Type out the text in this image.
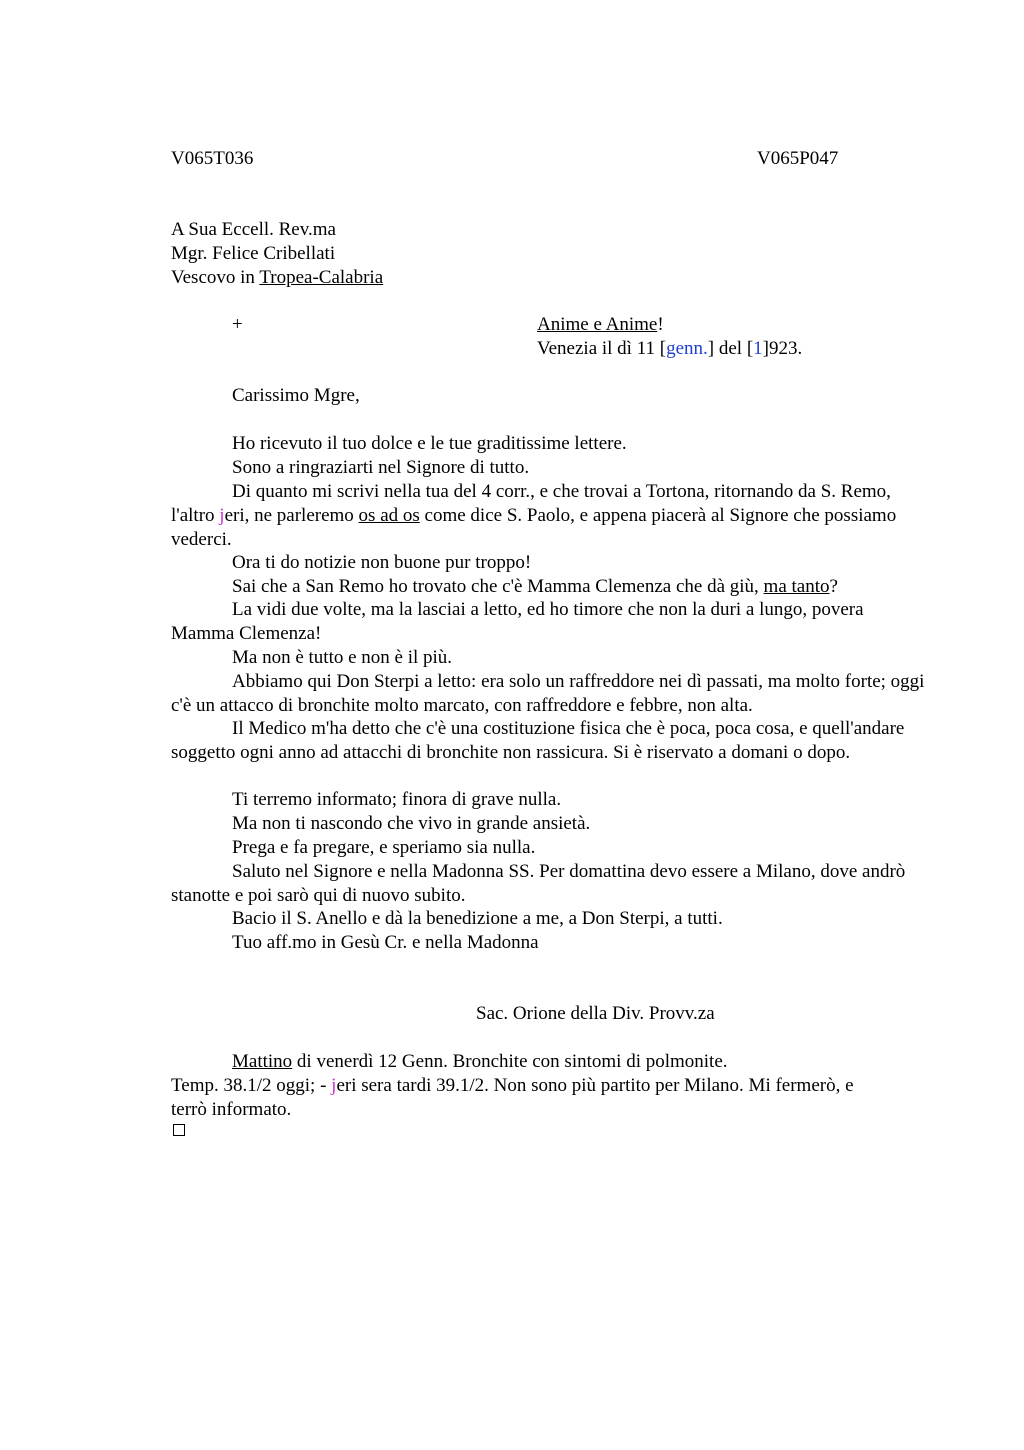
V065T036	V065P047
A Sua Eccell. Rev.ma
Mgr. Felice Cribellati
Vescovo in Tropea-Calabria
+	Anime e Anime!
Venezia il dì 11 [genn.] del [1]923.
Carissimo Mgre,
Ho ricevuto il tuo dolce e le tue graditissime lettere.
Sono a ringraziarti nel Signore di tutto.
Di quanto mi scrivi nella tua del 4 corr., e che trovai a Tortona, ritornando da S. Remo, l'altro jeri, ne parleremo os ad os come dice S. Paolo, e appena piacerà al Signore che possiamo vederci.
Ora ti do notizie non buone pur troppo!
Sai che a San Remo ho trovato che c'è Mamma Clemenza che dà giù, ma tanto?
La vidi due volte, ma la lasciai a letto, ed ho timore che non la duri a lungo, povera Mamma Clemenza!
Ma non è tutto e non è il più.
Abbiamo qui Don Sterpi a letto: era solo un raffreddore nei dì passati, ma molto forte; oggi c'è un attacco di bronchite molto marcato, con raffreddore e febbre, non alta.
Il Medico m'ha detto che c'è una costituzione fisica che è poca, poca cosa, e quell'andare soggetto ogni anno ad attacchi di bronchite non rassicura. Si è riservato a domani o dopo.
Ti terremo informato; finora di grave nulla.
Ma non ti nascondo che vivo in grande ansietà.
Prega e fa pregare, e speriamo sia nulla.
Saluto nel Signore e nella Madonna SS. Per domattina devo essere a Milano, dove andrò stanotte e poi sarò qui di nuovo subito.
Bacio il S. Anello e dà la benedizione a me, a Don Sterpi, a tutti.
Tuo aff.mo in Gesù Cr. e nella Madonna
Sac. Orione della Div. Provv.za
Mattino di venerdì 12 Genn. Bronchite con sintomi di polmonite.
Temp. 38.1/2 oggi; - jeri sera tardi 39.1/2. Non sono più partito per Milano. Mi fermerò, e
terrò informato.
